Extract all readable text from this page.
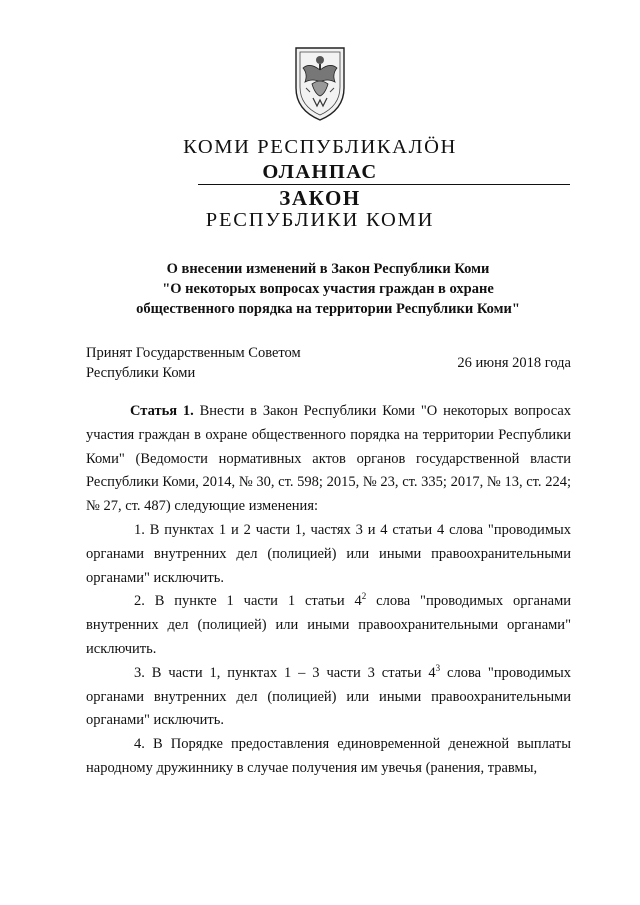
КОМИ РЕСПУБЛИКАЛӦН
ОЛАНПАС
ЗАКОН
РЕСПУБЛИКИ КОМИ
О внесении изменений в Закон Республики Коми
"О некоторых вопросах участия граждан в охране
общественного порядка на территории Республики Коми"
Принят Государственным Советом
Республики Коми
26 июня 2018 года

Статья 1. Внести в Закон Республики Коми "О некоторых вопросах участия граждан в охране общественного порядка на территории Республики Коми" (Ведомости нормативных актов органов государственной власти Республики Коми, 2014, № 30, ст. 598; 2015, № 23, ст. 335; 2017, № 13, ст. 224; № 27, ст. 487) следующие изменения:

1. В пунктах 1 и 2 части 1, частях 3 и 4 статьи 4 слова "проводимых органами внутренних дел (полицией) или иными правоохранительными органами" исключить.

2. В пункте 1 части 1 статьи $4^2$ слова "проводимых органами внутренних дел (полицией) или иными правоохранительными органами" исключить.

3. В части 1, пунктах 1 – 3 части 3 статьи $4^3$ слова "проводимых органами внутренних дел (полицией) или иными правоохранительными органами" исключить.

4. В Порядке предоставления единовременной денежной выплаты народному дружиннику в случае получения им увечья (ранения, травмы,
